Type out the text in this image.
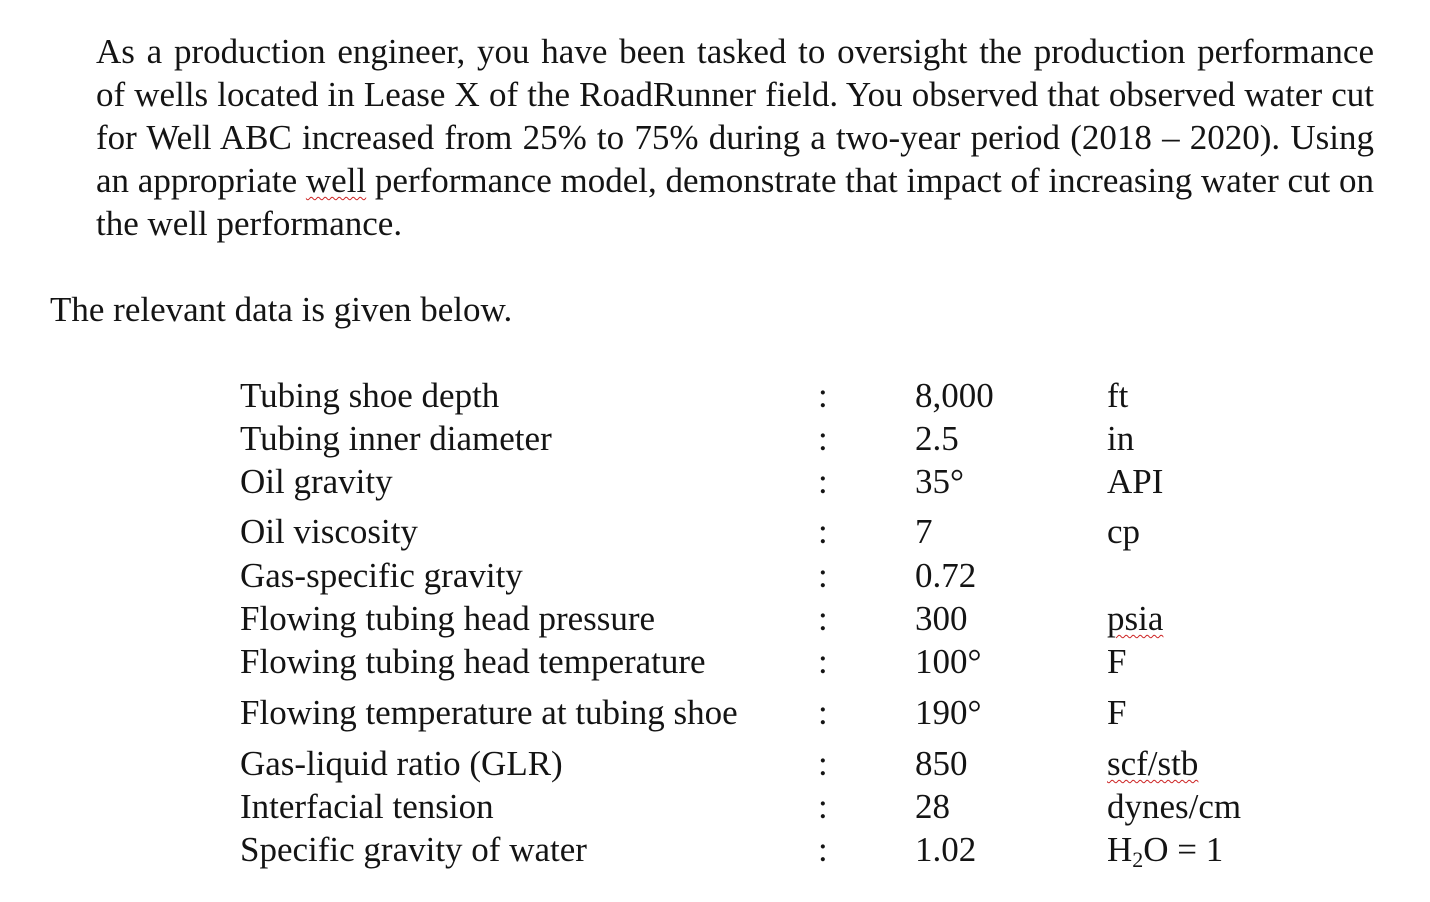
As a production engineer, you have been tasked to oversight the production performance of wells located in Lease X of the RoadRunner field. You observed that observed water cut for Well ABC increased from 25% to 75% during a two-year period (2018 – 2020). Using an appropriate well performance model, demonstrate that impact of increasing water cut on the well performance.

The relevant data is given below.

Tubing shoe depth	: 8,000	ft
Tubing inner diameter	: 2.5	in
Oil gravity	: 35°	API
Oil viscosity	: 7	cp
Gas-specific gravity	: 0.72
Flowing tubing head pressure	: 300	psia
Flowing tubing head temperature	: 100°	F
Flowing temperature at tubing shoe : 190°	F
Gas-liquid ratio (GLR)	: 850	scf/stb
Interfacial tension	: 28	dynes/cm
Specific gravity of water	: 1.02	$H_2O = 1$
